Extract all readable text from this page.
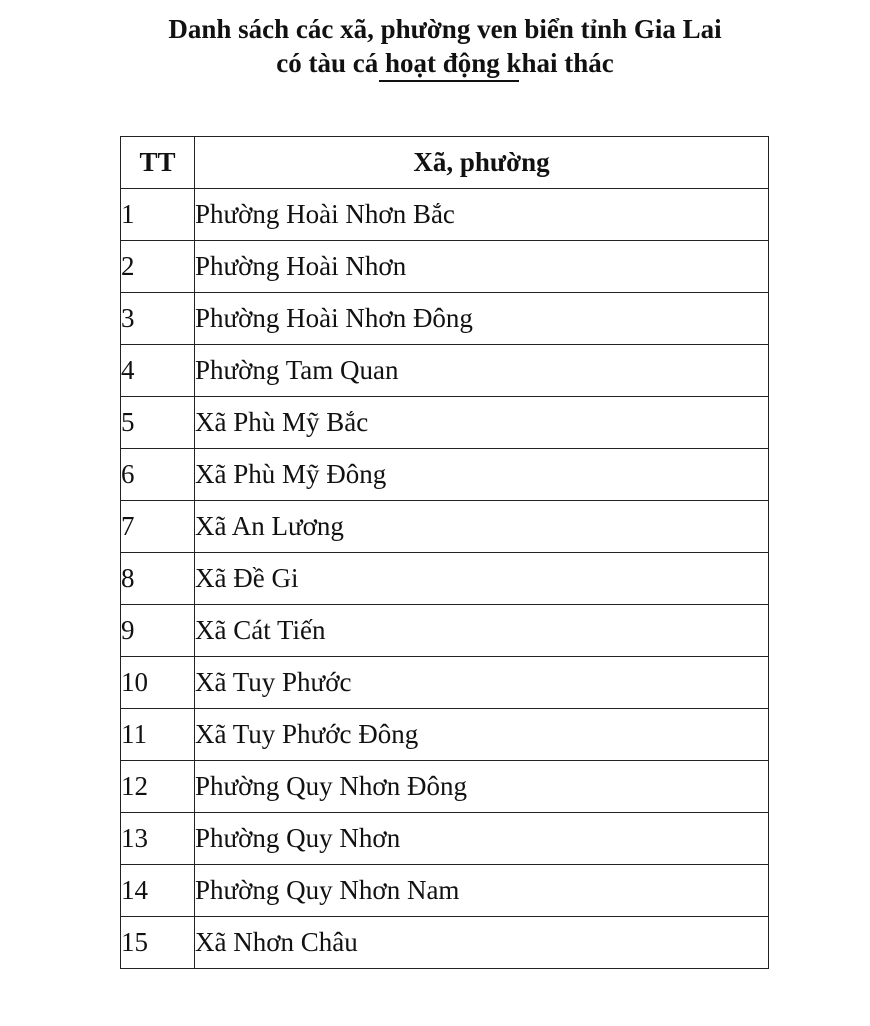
Danh sách các xã, phường ven biển tỉnh Gia Lai
có tàu cá hoạt động khai thác
TT	Xã, phường
1	Phường Hoài Nhơn Bắc
2	Phường Hoài Nhơn
3	Phường Hoài Nhơn Đông
4	Phường Tam Quan
5	Xã Phù Mỹ Bắc
6	Xã Phù Mỹ Đông
7	Xã An Lương
8	Xã Đề Gi
9	Xã Cát Tiến
10	Xã Tuy Phước
11	Xã Tuy Phước Đông
12	Phường Quy Nhơn Đông
13	Phường Quy Nhơn
14	Phường Quy Nhơn Nam
15	Xã Nhơn Châu
